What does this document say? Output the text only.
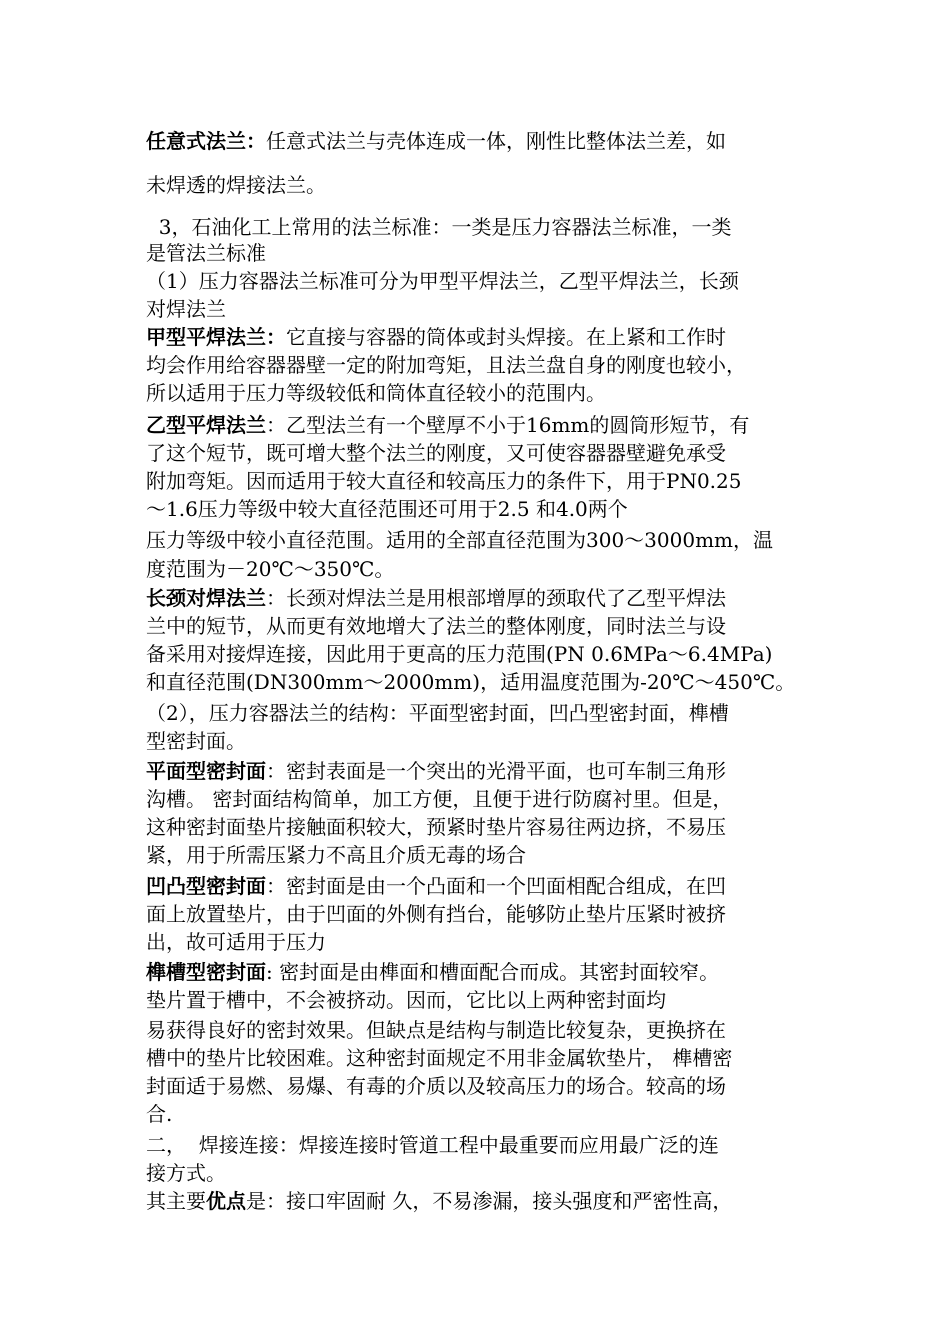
任意式法兰：任意式法兰与壳体连成一体，刚性比整体法兰差，如

未焊透的焊接法兰。

3，石油化工上常用的法兰标准：一类是压力容器法兰标准，一类

是管法兰标准

（1）压力容器法兰标准可分为甲型平焊法兰，乙型平焊法兰，长颈

对焊法兰

甲型平焊法兰：它直接与容器的筒体或封头焊接。在上紧和工作时

均会作用给容器器壁一定的附加弯矩，且法兰盘自身的刚度也较小，

所以适用于压力等级较低和筒体直径较小的范围内。

乙型平焊法兰：乙型法兰有一个壁厚不小于16mm的圆筒形短节，有

了这个短节，既可增大整个法兰的刚度，又可使容器器壁避免承受

附加弯矩。因而适用于较大直径和较高压力的条件下，用于PN0.25

～1.6压力等级中较大直径范围还可用于2.5 和4.0两个

压力等级中较小直径范围。适用的全部直径范围为300～3000mm，温

度范围为－20℃～350℃。

长颈对焊法兰：长颈对焊法兰是用根部增厚的颈取代了乙型平焊法

兰中的短节，从而更有效地增大了法兰的整体刚度，同时法兰与设

备采用对接焊连接，因此用于更高的压力范围(PN 0.6MPa～6.4MPa)

和直径范围(DN300mm～2000mm)，适用温度范围为-20℃～450℃。

（2），压力容器法兰的结构：平面型密封面，凹凸型密封面，榫槽

型密封面。

平面型密封面：密封表面是一个突出的光滑平面，也可车制三角形

沟槽。 密封面结构简单，加工方便，且便于进行防腐衬里。但是，

这种密封面垫片接触面积较大，预紧时垫片容易往两边挤，不易压

紧，用于所需压紧力不高且介质无毒的场合

凹凸型密封面：密封面是由一个凸面和一个凹面相配合组成，在凹

面上放置垫片，由于凹面的外侧有挡台，能够防止垫片压紧时被挤

出，故可适用于压力

榫槽型密封面: 密封面是由榫面和槽面配合而成。其密封面较窄。

垫片置于槽中，不会被挤动。因而，它比以上两种密封面均

易获得良好的密封效果。但缺点是结构与制造比较复杂，更换挤在

槽中的垫片比较困难。这种密封面规定不用非金属软垫片， 榫槽密

封面适于易燃、易爆、有毒的介质以及较高压力的场合。较高的场

合.

二，  焊接连接：焊接连接时管道工程中最重要而应用最广泛的连

接方式。

其主要优点是：接口牢固耐 久，不易渗漏，接头强度和严密性高，
